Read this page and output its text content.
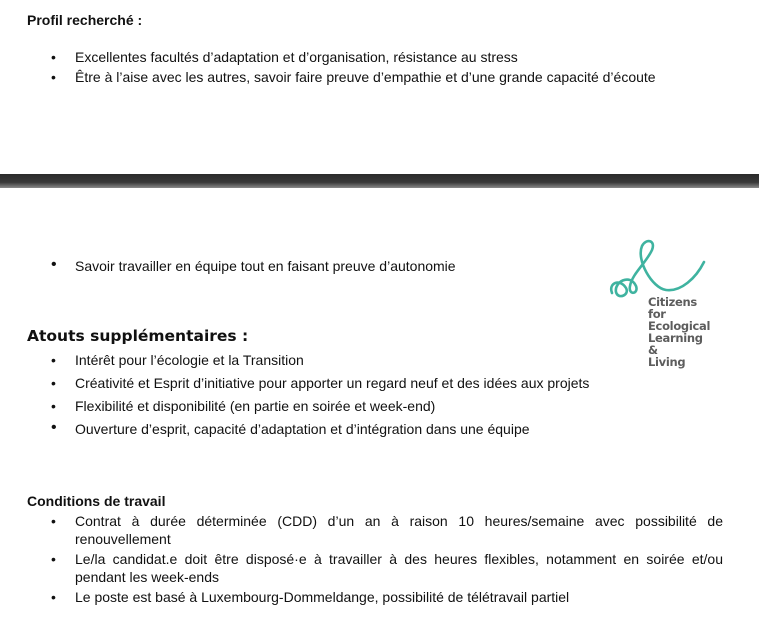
Profil recherché :
• Excellentes facultés d’adaptation et d’organisation, résistance au stress
• Être à l’aise avec les autres, savoir faire preuve d’empathie et d’une grande capacité d’écoute
• Savoir travailler en équipe tout en faisant preuve d’autonomie
Citizens for
Ecological
Learning &
Living
Atouts supplémentaires :
• Intérêt pour l’écologie et la Transition
• Créativité et Esprit d’initiative pour apporter un regard neuf et des idées aux projets
• Flexibilité et disponibilité (en partie en soirée et week-end)
• Ouverture d’esprit, capacité d’adaptation et d’intégration dans une équipe
Conditions de travail
• Contrat à durée déterminée (CDD) d’un an à raison 10 heures/semaine avec possibilité de renouvellement
• Le/la candidat.e doit être disposé·e à travailler à des heures flexibles, notamment en soirée et/ou pendant les week-ends
• Le poste est basé à Luxembourg-Dommeldange, possibilité de télétravail partiel
